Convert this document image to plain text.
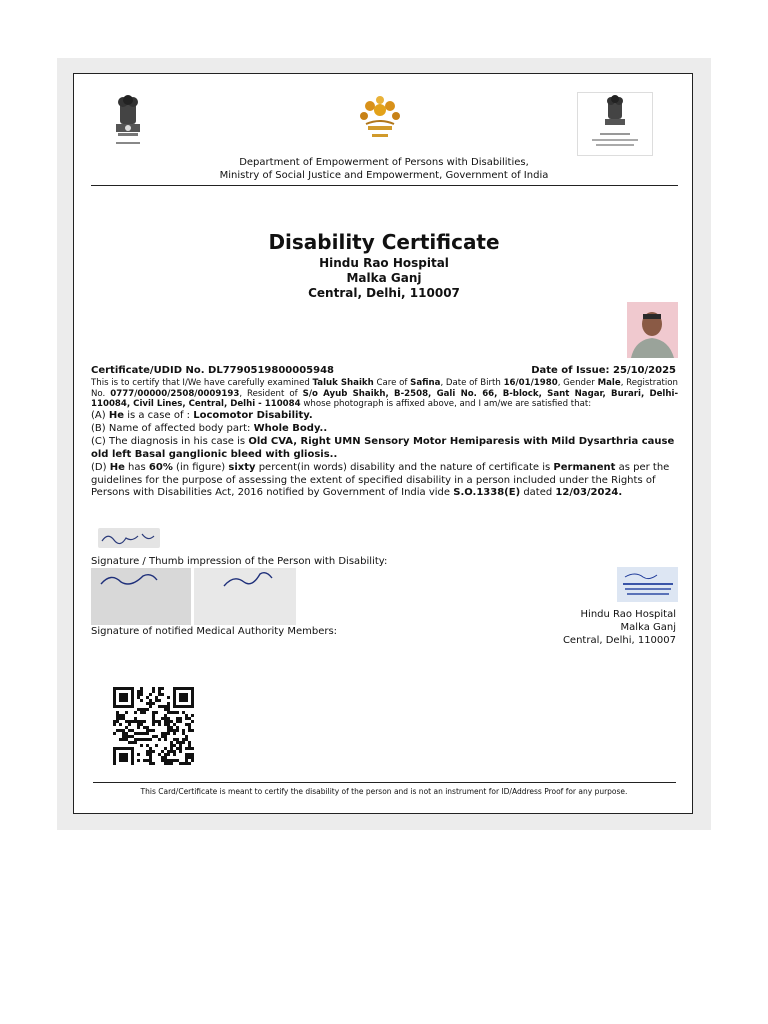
Department of Empowerment of Persons with Disabilities,
Ministry of Social Justice and Empowerment, Government of India
Disability Certificate
Hindu Rao Hospital
Malka Ganj
Central, Delhi, 110007
Certificate/UDID No. DL7790519800005948	Date of Issue: 25/10/2025
This is to certify that I/We have carefully examined Taluk Shaikh Care of Safina, Date of Birth 16/01/1980, Gender Male, Registration No. 0777/00000/2508/0009193, Resident of S/o Ayub Shaikh, B-2508, Gali No. 66, B-block, Sant Nagar, Burari, Delhi-110084, Civil Lines, Central, Delhi - 110084 whose photograph is affixed above, and I am/we are satisfied that:
(A) He is a case of : Locomotor Disability.
(B) Name of affected body part: Whole Body..
(C) The diagnosis in his case is Old CVA, Right UMN Sensory Motor Hemiparesis with Mild Dysarthria cause old left Basal ganglionic bleed with gliosis..
(D) He has 60% (in figure) sixty percent(in words) disability and the nature of certificate is Permanent as per the guidelines for the purpose of assessing the extent of specified disability in a person included under the Rights of Persons with Disabilities Act, 2016 notified by Government of India vide S.O.1338(E) dated 12/03/2024.
Signature / Thumb impression of the Person with Disability:
Signature of notified Medical Authority Members:
Hindu Rao Hospital
Malka Ganj
Central, Delhi, 110007
This Card/Certificate is meant to certify the disability of the person and is not an instrument for ID/Address Proof for any purpose.
